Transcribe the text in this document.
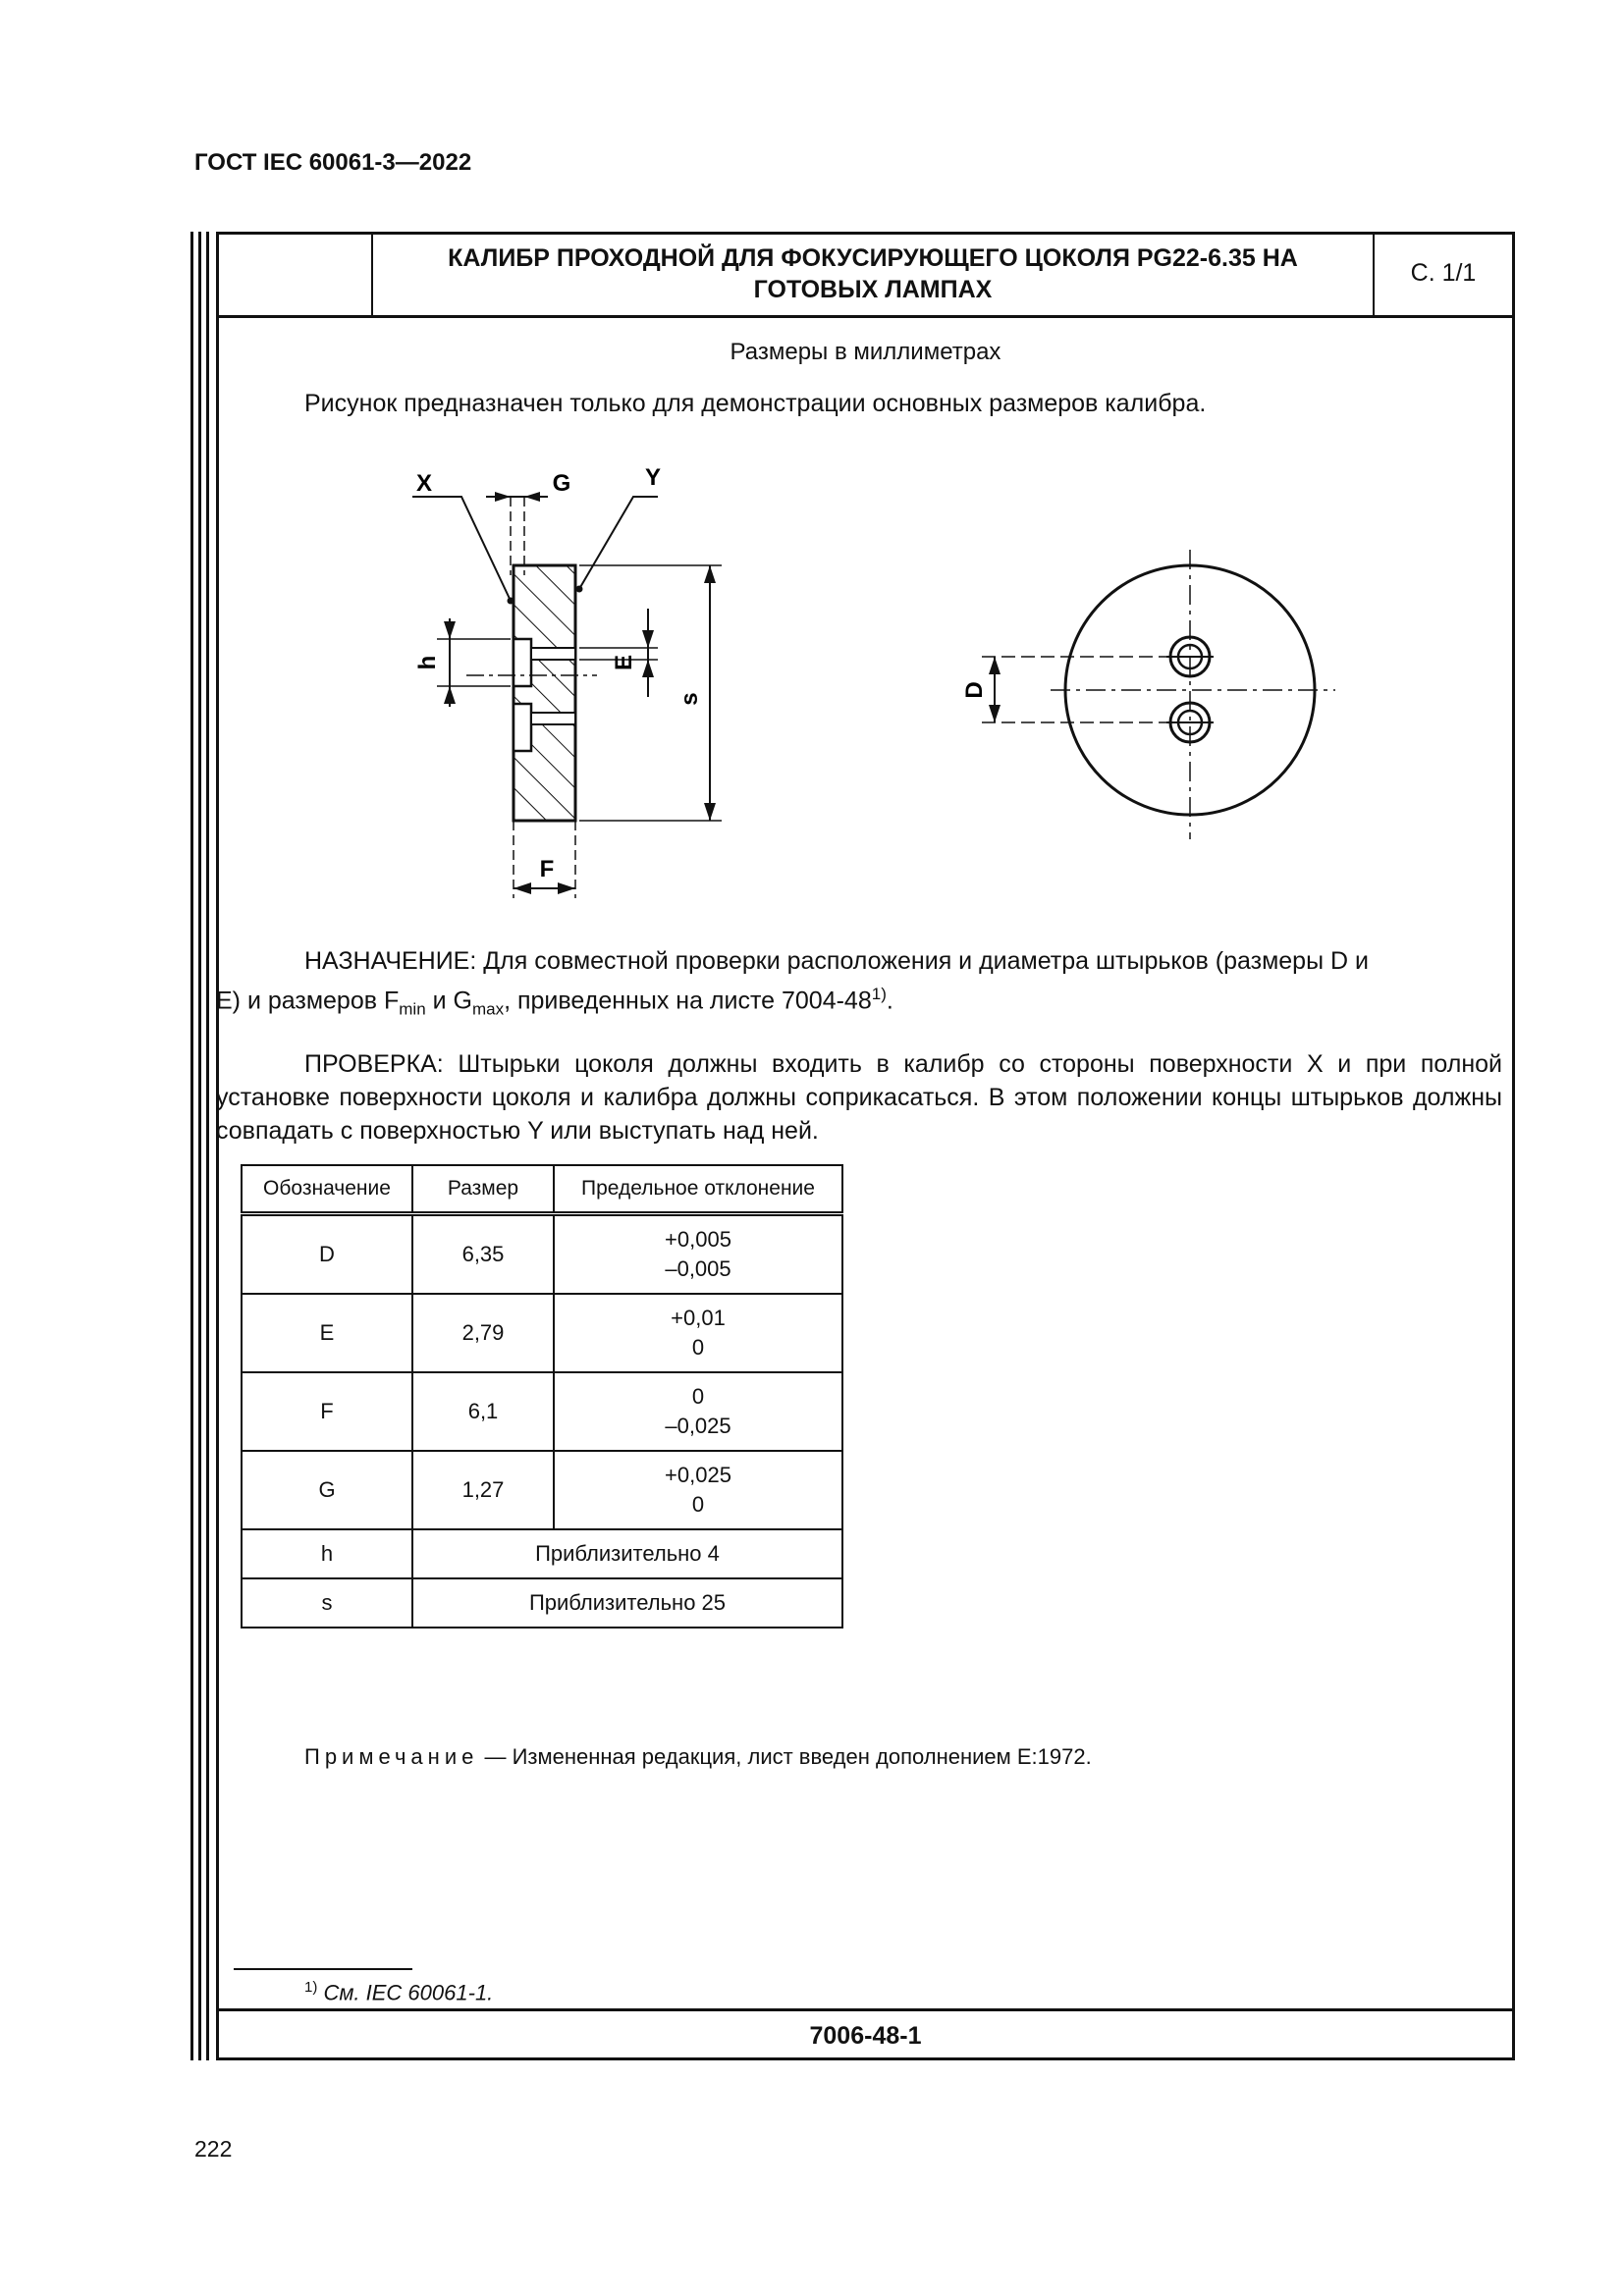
ГОСТ IEC 60061-3—2022
КАЛИБР ПРОХОДНОЙ ДЛЯ ФОКУСИРУЮЩЕГО ЦОКОЛЯ PG22-6.35 НА ГОТОВЫХ ЛАМПАХ
С. 1/1
Размеры в миллиметрах
Рисунок предназначен только для демонстрации основных размеров калибра.
X	G	Y
h	E
s
F
D
НАЗНАЧЕНИЕ: Для совместной проверки расположения и диаметра штырьков (размеры D и
E) и размеров $F_{min}$ и $G_{max}$, приведенных на листе 7004-48$^{1)}$.
ПРОВЕРКА: Штырьки цоколя должны входить в калибр со стороны поверхности X и при полной установке поверхности цоколя и калибра должны соприкасаться. В этом положении концы штырьков должны совпадать с поверхностью Y или выступать над ней.
Обозначение	Размер	Предельное отклонение
D	6,35	+0,005
–0,005
E	2,79	+0,01
0
F	6,1	0
–0,025
G	1,27	+0,025
0
h	Приблизительно 4	
s	Приблизительно 25	
Примечание — Измененная редакция, лист введен дополнением E:1972.
$^{1)}$ См. IEC 60061-1.
7006-48-1
222
